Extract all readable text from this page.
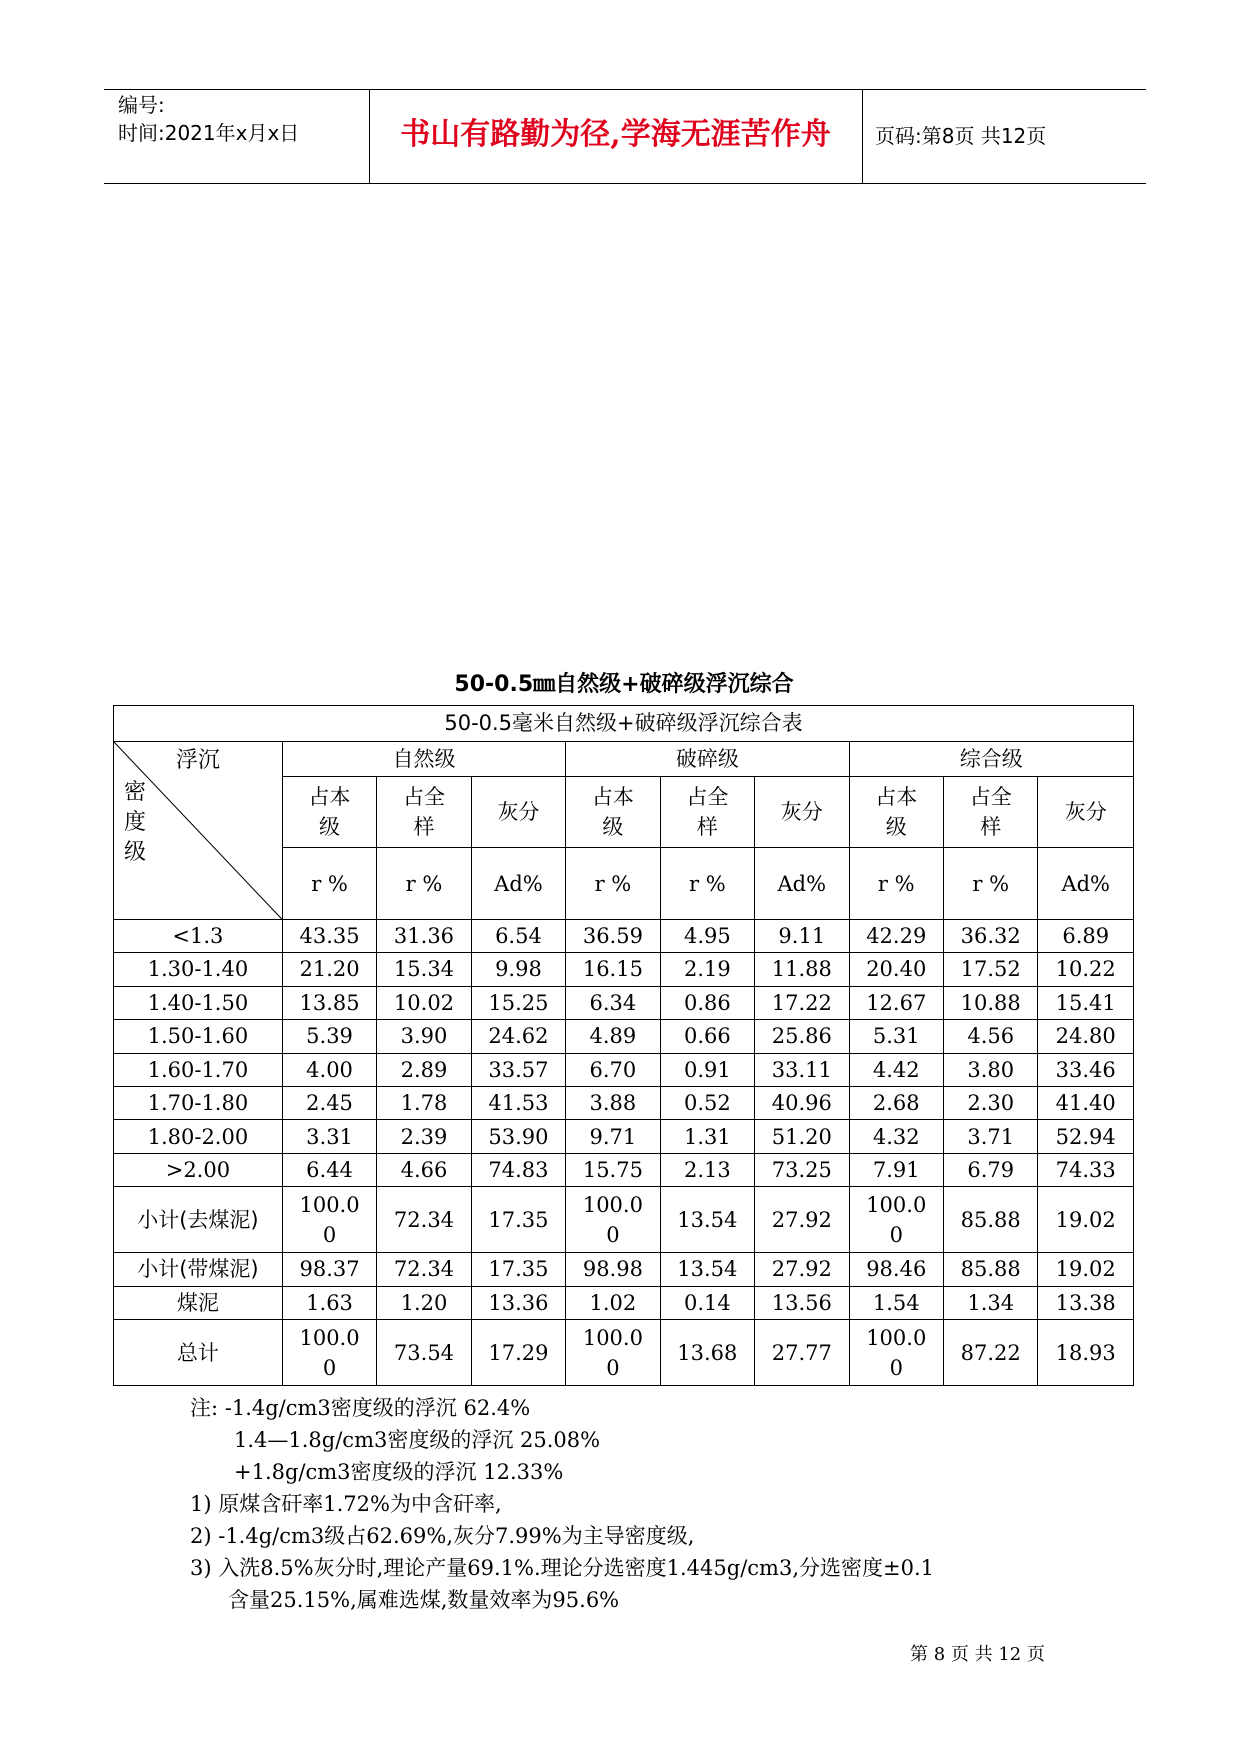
编号:
时间:2021年x月x日	书山有路勤为径,学海无涯苦作舟	页码:第8页 共12页
50-0.5㎜自然级+破碎级浮沉综合
50-0.5毫米自然级+破碎级浮沉综合表									

浮沉
密度级	自然级			破碎级			综合级		
	占本级	占全样	灰分	占本级	占全样	灰分	占本级	占全样	灰分
	r %	r %	Ad%	r %	r %	Ad%	r %	r %	Ad%
<1.3	43.35	31.36	6.54	36.59	4.95	9.11	42.29	36.32	6.89
1.30-1.40	21.20	15.34	9.98	16.15	2.19	11.88	20.40	17.52	10.22
1.40-1.50	13.85	10.02	15.25	6.34	0.86	17.22	12.67	10.88	15.41
1.50-1.60	5.39	3.90	24.62	4.89	0.66	25.86	5.31	4.56	24.80
1.60-1.70	4.00	2.89	33.57	6.70	0.91	33.11	4.42	3.80	33.46
1.70-1.80	2.45	1.78	41.53	3.88	0.52	40.96	2.68	2.30	41.40
1.80-2.00	3.31	2.39	53.90	9.71	1.31	51.20	4.32	3.71	52.94
>2.00	6.44	4.66	74.83	15.75	2.13	73.25	7.91	6.79	74.33
小计(去煤泥)	100.00	72.34	17.35	100.00	13.54	27.92	100.00	85.88	19.02
小计(带煤泥)	98.37	72.34	17.35	98.98	13.54	27.92	98.46	85.88	19.02
煤泥	1.63	1.20	13.36	1.02	0.14	13.56	1.54	1.34	13.38
总计	100.00	73.54	17.29	100.00	13.68	27.77	100.00	87.22	18.93
注: -1.4g/cm3密度级的浮沉 62.4%
1.4—1.8g/cm3密度级的浮沉 25.08%
+1.8g/cm3密度级的浮沉 12.33%
1) 原煤含矸率1.72%为中含矸率,
2) -1.4g/cm3级占62.69%,灰分7.99%为主导密度级,
3) 入洗8.5%灰分时,理论产量69.1%.理论分选密度1.445g/cm3,分选密度±0.1
含量25.15%,属难选煤,数量效率为95.6%
第 8 页 共 12 页
